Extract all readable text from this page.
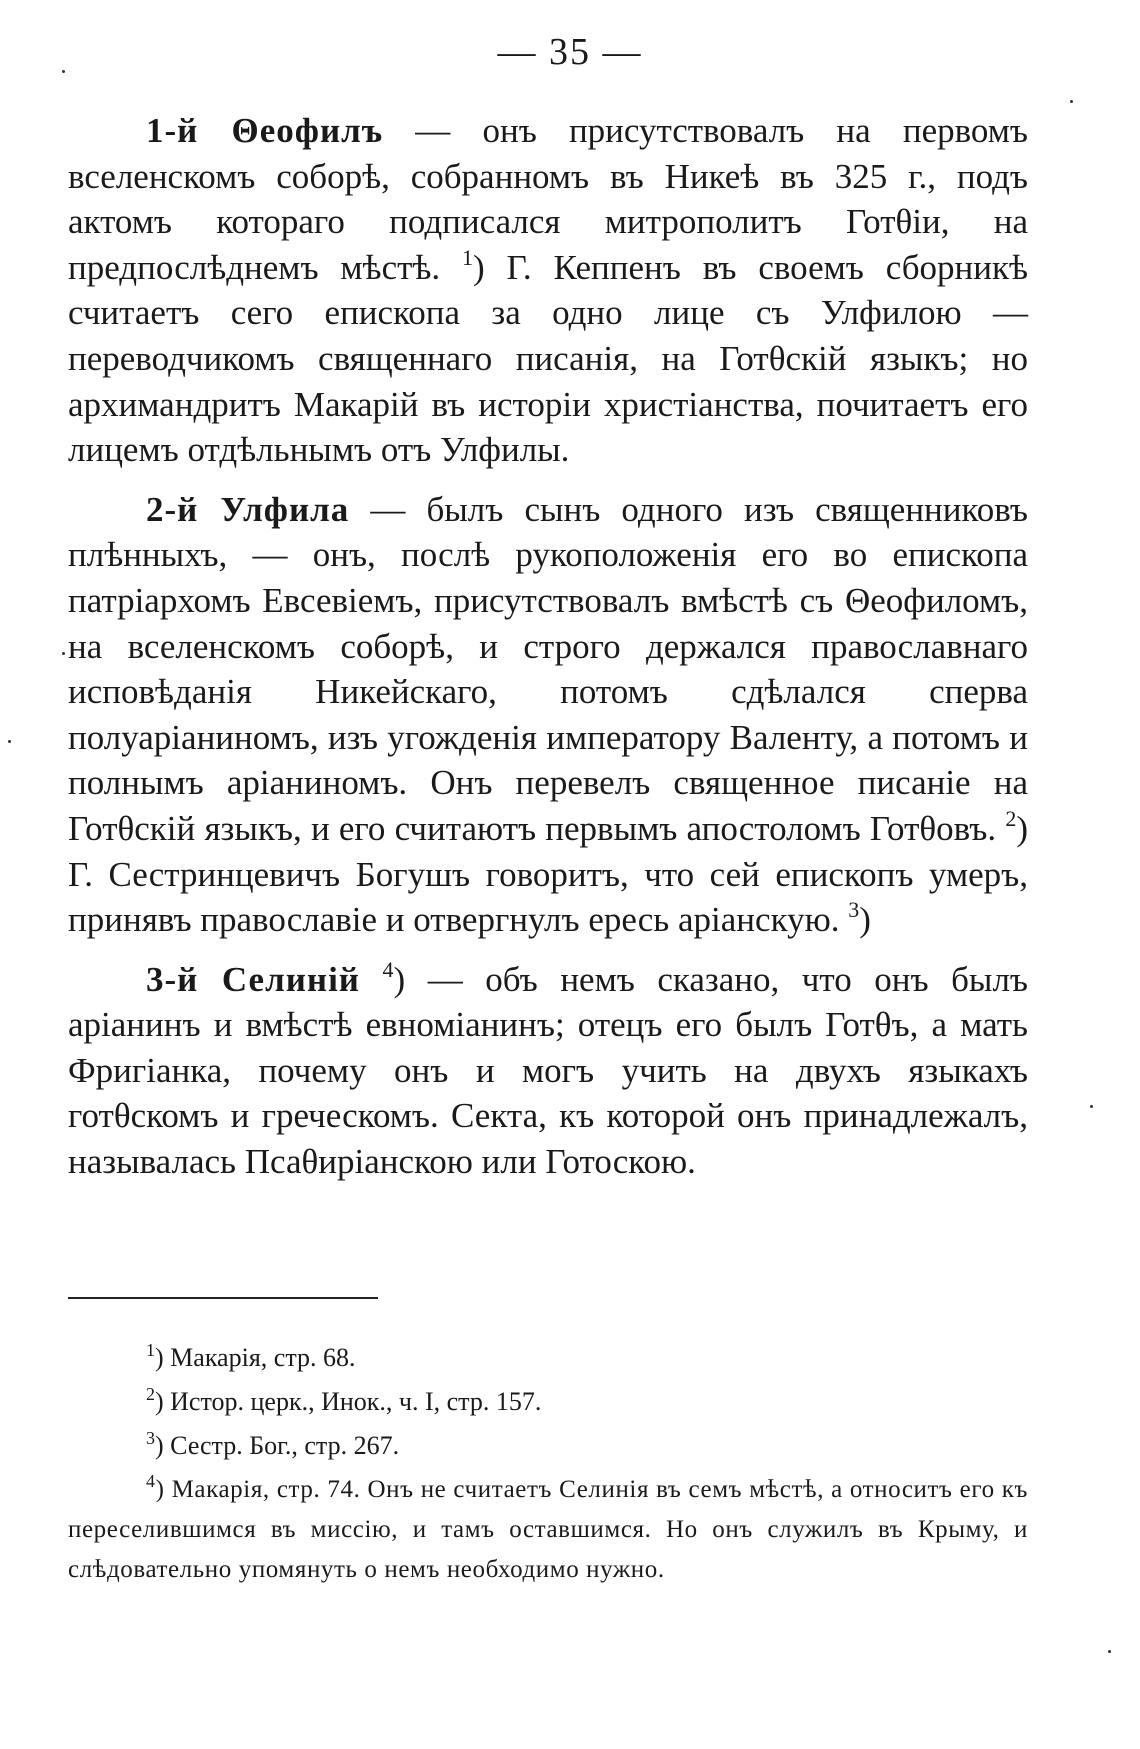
— 35 —

1-й Θеофилъ — онъ присутствовалъ на первомъ вселенскомъ соборѣ, собранномъ въ Никеѣ въ 325 г., подъ актомъ котораго подписался митрополитъ Готθіи, на предпослѣднемъ мѣстѣ. $^1$) Г. Кеппенъ въ своемъ сборникѣ считаетъ сего епископа за одно лице съ Улфилою — переводчикомъ священнаго писанія, на Готθскій языкъ; но архимандритъ Макарій въ исторіи христіанства, почитаетъ его лицемъ отдѣльнымъ отъ Улфилы.

2-й Улфила — былъ сынъ одного изъ священниковъ плѣнныхъ, — онъ, послѣ рукоположенія его во епископа патріархомъ Евсевіемъ, присутствовалъ вмѣстѣ съ Θеофиломъ, на вселенскомъ соборѣ, и строго держался православнаго исповѣданія Никейскаго, потомъ сдѣлался сперва полуаріаниномъ, изъ угожденія императору Валенту, а потомъ и полнымъ аріаниномъ. Онъ перевелъ священное писаніе на Готθскій языкъ, и его считаютъ первымъ апостоломъ Готθовъ. $^2$) Г. Сестринцевичъ Богушъ говоритъ, что сей епископъ умеръ, принявъ православіе и отвергнулъ ересь аріанскую. $^3$)

3-й Селиній $^4$) — объ немъ сказано, что онъ былъ аріанинъ и вмѣстѣ евноміанинъ; отецъ его былъ Готθъ, а мать Фригіанка, почему онъ и могъ учить на двухъ языкахъ готθскомъ и греческомъ. Секта, къ которой онъ принадлежалъ, называлась Псаθиріанскою или Готоскою.

$^1$) Макарія, стр. 68.

$^2$) Истор. церк., Инок., ч. I, стр. 157.

$^3$) Сестр. Бог., стр. 267.

$^4$) Макарія, стр. 74. Онъ не считаетъ Селинія въ семъ мѣстѣ, а относитъ его къ переселившимся въ миссію, и тамъ оставшимся. Но онъ служилъ въ Крыму, и слѣдовательно упомянуть о немъ необходимо нужно.
